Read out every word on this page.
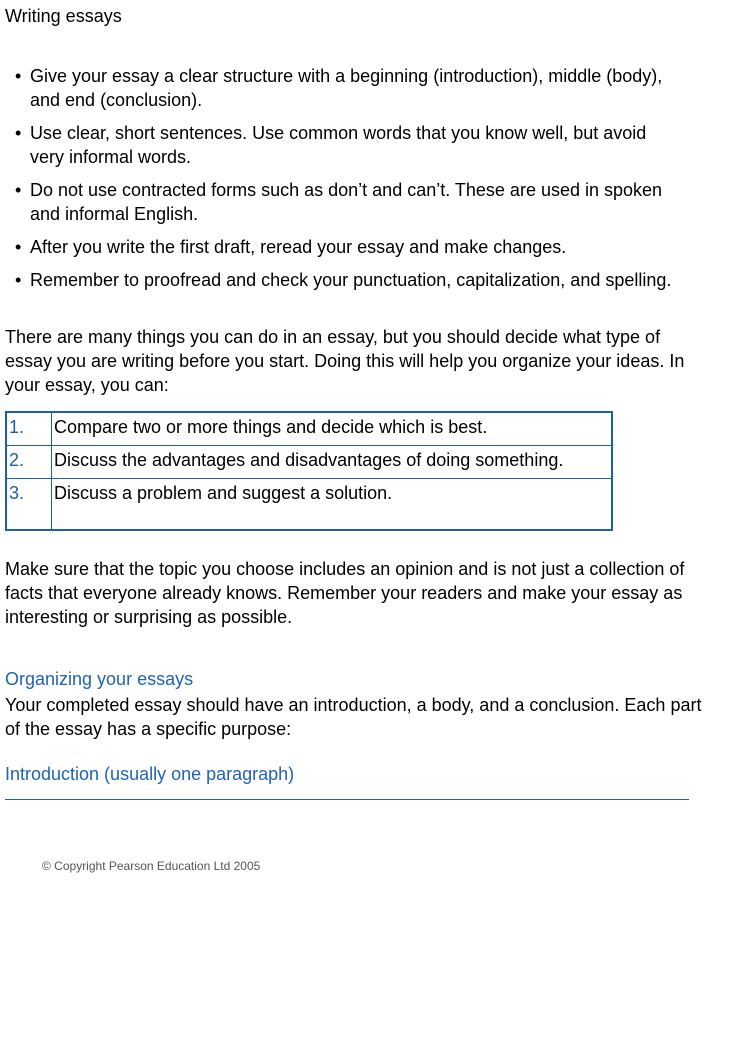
Writing essays
• Give your essay a clear structure with a beginning (introduction), middle (body), and end (conclusion).
• Use clear, short sentences. Use common words that you know well, but avoid very informal words.
• Do not use contracted forms such as don’t and can’t. These are used in spoken and informal English.
• After you write the first draft, reread your essay and make changes.
• Remember to proofread and check your punctuation, capitalization, and spelling.

There are many things you can do in an essay, but you should decide what type of essay you are writing before you start. Doing this will help you organize your ideas. In your essay, you can:

1.	Compare two or more things and decide which is best.
2.	Discuss the advantages and disadvantages of doing something.
3.	Discuss a problem and suggest a solution.

Make sure that the topic you choose includes an opinion and is not just a collection of facts that everyone already knows. Remember your readers and make your essay as interesting or surprising as possible.

Organizing your essays

Your completed essay should have an introduction, a body, and a conclusion. Each part of the essay has a specific purpose:

Introduction (usually one paragraph)
© Copyright Pearson Education Ltd 2005
